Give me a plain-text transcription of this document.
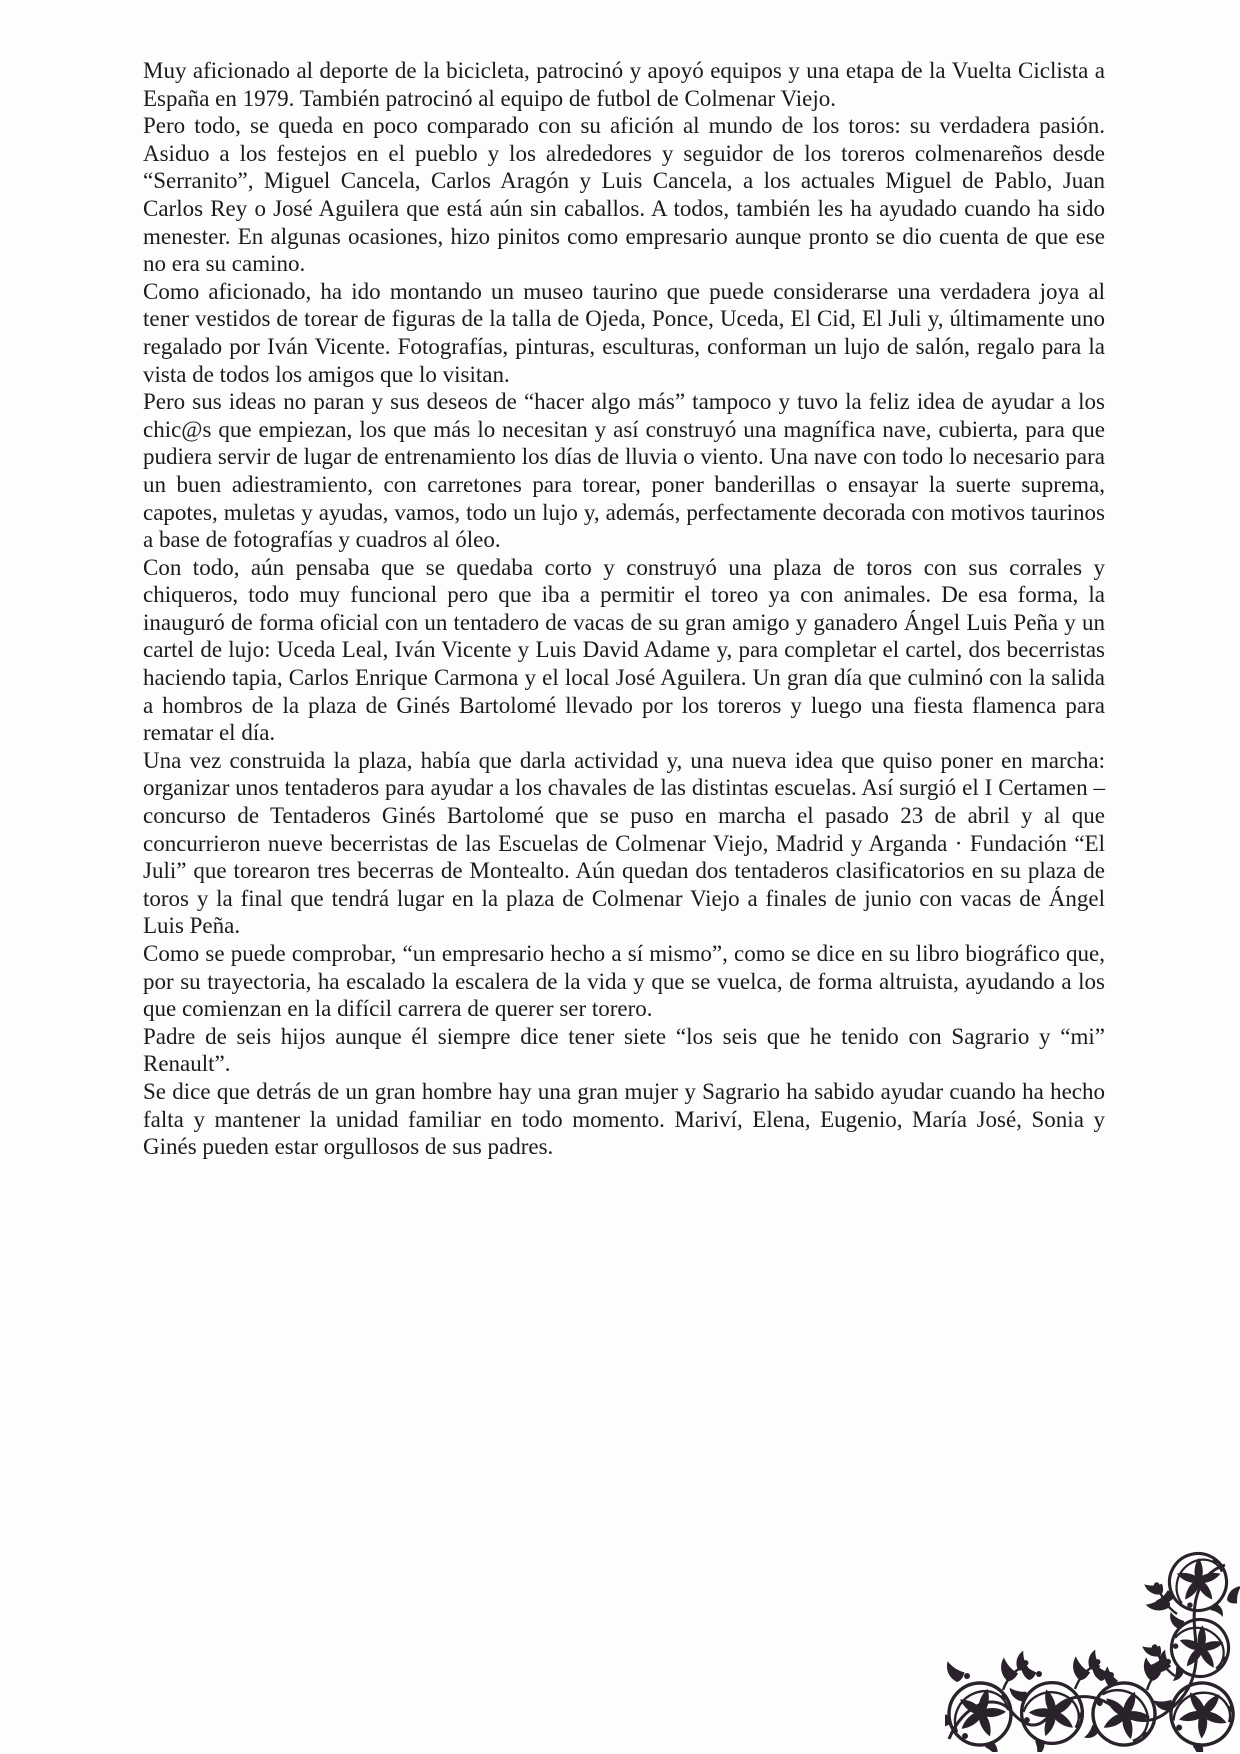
Muy aficionado al deporte de la bicicleta, patrocinó y apoyó equipos y una etapa de la Vuelta Ciclista a España en 1979. También patrocinó al equipo de futbol de Colmenar Viejo.

Pero todo, se queda en poco comparado con su afición al mundo de los toros: su verdadera pasión. Asiduo a los festejos en el pueblo y los alrededores y seguidor de los toreros colmenareños desde “Serranito”, Miguel Cancela, Carlos Aragón y Luis Cancela, a los actuales Miguel de Pablo, Juan Carlos Rey o José Aguilera que está aún sin caballos. A todos, también les ha ayudado cuando ha sido menester. En algunas ocasiones, hizo pinitos como empresario aunque pronto se dio cuenta de que ese no era su camino.

Como aficionado, ha ido montando un museo taurino que puede considerarse una verdadera joya al tener vestidos de torear de figuras de la talla de Ojeda, Ponce, Uceda, El Cid, El Juli y, últimamente uno regalado por Iván Vicente. Fotografías, pinturas, esculturas, conforman un lujo de salón, regalo para la vista de todos los amigos que lo visitan.

Pero sus ideas no paran y sus deseos de “hacer algo más” tampoco y tuvo la feliz idea de ayudar a los chic@s que empiezan, los que más lo necesitan y así construyó una magnífica nave, cubierta, para que pudiera servir de lugar de entrenamiento los días de lluvia o viento. Una nave con todo lo necesario para un buen adiestramiento, con carretones para torear, poner banderillas o ensayar la suerte suprema, capotes, muletas y ayudas, vamos, todo un lujo y, además, perfectamente decorada con motivos taurinos a base de fotografías y cuadros al óleo.

Con todo, aún pensaba que se quedaba corto y construyó una plaza de toros con sus corrales y chiqueros, todo muy funcional pero que iba a permitir el toreo ya con animales. De esa forma, la inauguró de forma oficial con un tentadero de vacas de su gran amigo y ganadero Ángel Luis Peña y un cartel de lujo: Uceda Leal, Iván Vicente y Luis David Adame y, para completar el cartel, dos becerristas haciendo tapia, Carlos Enrique Carmona y el local José Aguilera. Un gran día que culminó con la salida a hombros de la plaza de Ginés Bartolomé llevado por los toreros y luego una fiesta flamenca para rematar el día.

Una vez construida la plaza, había que darla actividad y, una nueva idea que quiso poner en marcha: organizar unos tentaderos para ayudar a los chavales de las distintas escuelas. Así surgió el I Certamen – concurso de Tentaderos Ginés Bartolomé que se puso en marcha el pasado 23 de abril y al que concurrieron nueve becerristas de las Escuelas de Colmenar Viejo, Madrid y Arganda · Fundación “El Juli” que torearon tres becerras de Montealto. Aún quedan dos tentaderos clasificatorios en su plaza de toros y la final que tendrá lugar en la plaza de Colmenar Viejo a finales de junio con vacas de Ángel Luis Peña.

Como se puede comprobar, “un empresario hecho a sí mismo”, como se dice en su libro biográfico que, por su trayectoria, ha escalado la escalera de la vida y que se vuelca, de forma altruista, ayudando a los que comienzan en la difícil carrera de querer ser torero.

Padre de seis hijos aunque él siempre dice tener siete “los seis que he tenido con Sagrario y “mi” Renault”.

Se dice que detrás de un gran hombre hay una gran mujer y Sagrario ha sabido ayudar cuando ha hecho falta y mantener la unidad familiar en todo momento. Mariví, Elena, Eugenio, María José, Sonia y Ginés pueden estar orgullosos de sus padres.
